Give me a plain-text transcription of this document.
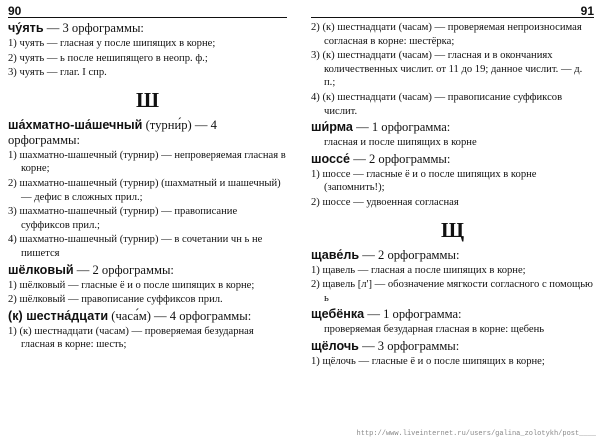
90
чу́ять — 3 орфограммы:
1) чуять — гласная у после шипящих в корне;
2) чуять — ь после нешипящего в неопр. ф.;
3) чуять — глаг. I спр.
Ш
ша́хматно-ша́шечный (турни́р) — 4 орфограммы:
1) шахматно-шашечный (турнир) — непроверяемая гласная в корне;
2) шахматно-шашечный (турнир) (шахматный и шашечный) — дефис в сложных прил.;
3) шахматно-шашечный (турнир) — правописание суффиксов прил.;
4) шахматно-шашечный (турнир) — в сочетании чн ь не пишется
шёлковый — 2 орфограммы:
1) шёлковый — гласные ё и о после шипящих в корне;
2) шёлковый — правописание суффиксов прил.
(к) шестна́дцати (часа́м) — 4 орфограммы:
1) (к) шестнадцати (часам) — проверяемая безударная гласная в корне: шесть;
91
2) (к) шестнадцати (часам) — проверяемая непроизносимая согласная в корне: шестёрка;
3) (к) шестнадцати (часам) — гласная и в окончаниях количественных числит. от 11 до 19; данное числит. — д. п.;
4) (к) шестнадцати (часам) — правописание суффиксов числит.
ши́рма — 1 орфограмма:
гласная и после шипящих в корне
шоссе́ — 2 орфограммы:
1) шоссе — гласные ё и о после шипящих в корне (запомнить!);
2) шоссе — удвоенная согласная
Щ
щаве́ль — 2 орфограммы:
1) щавель — гласная а после шипящих в корне;
2) щавель [л'] — обозначение мягкости согласного с помощью ь
щебёнка — 1 орфограмма:
проверяемая безударная гласная в корне: щебень
щёлочь — 3 орфограммы:
1) щёлочь — гласные ё и о после шипящих в корне;
http://www.liveinternet.ru/users/galina_zolotykh/post____
